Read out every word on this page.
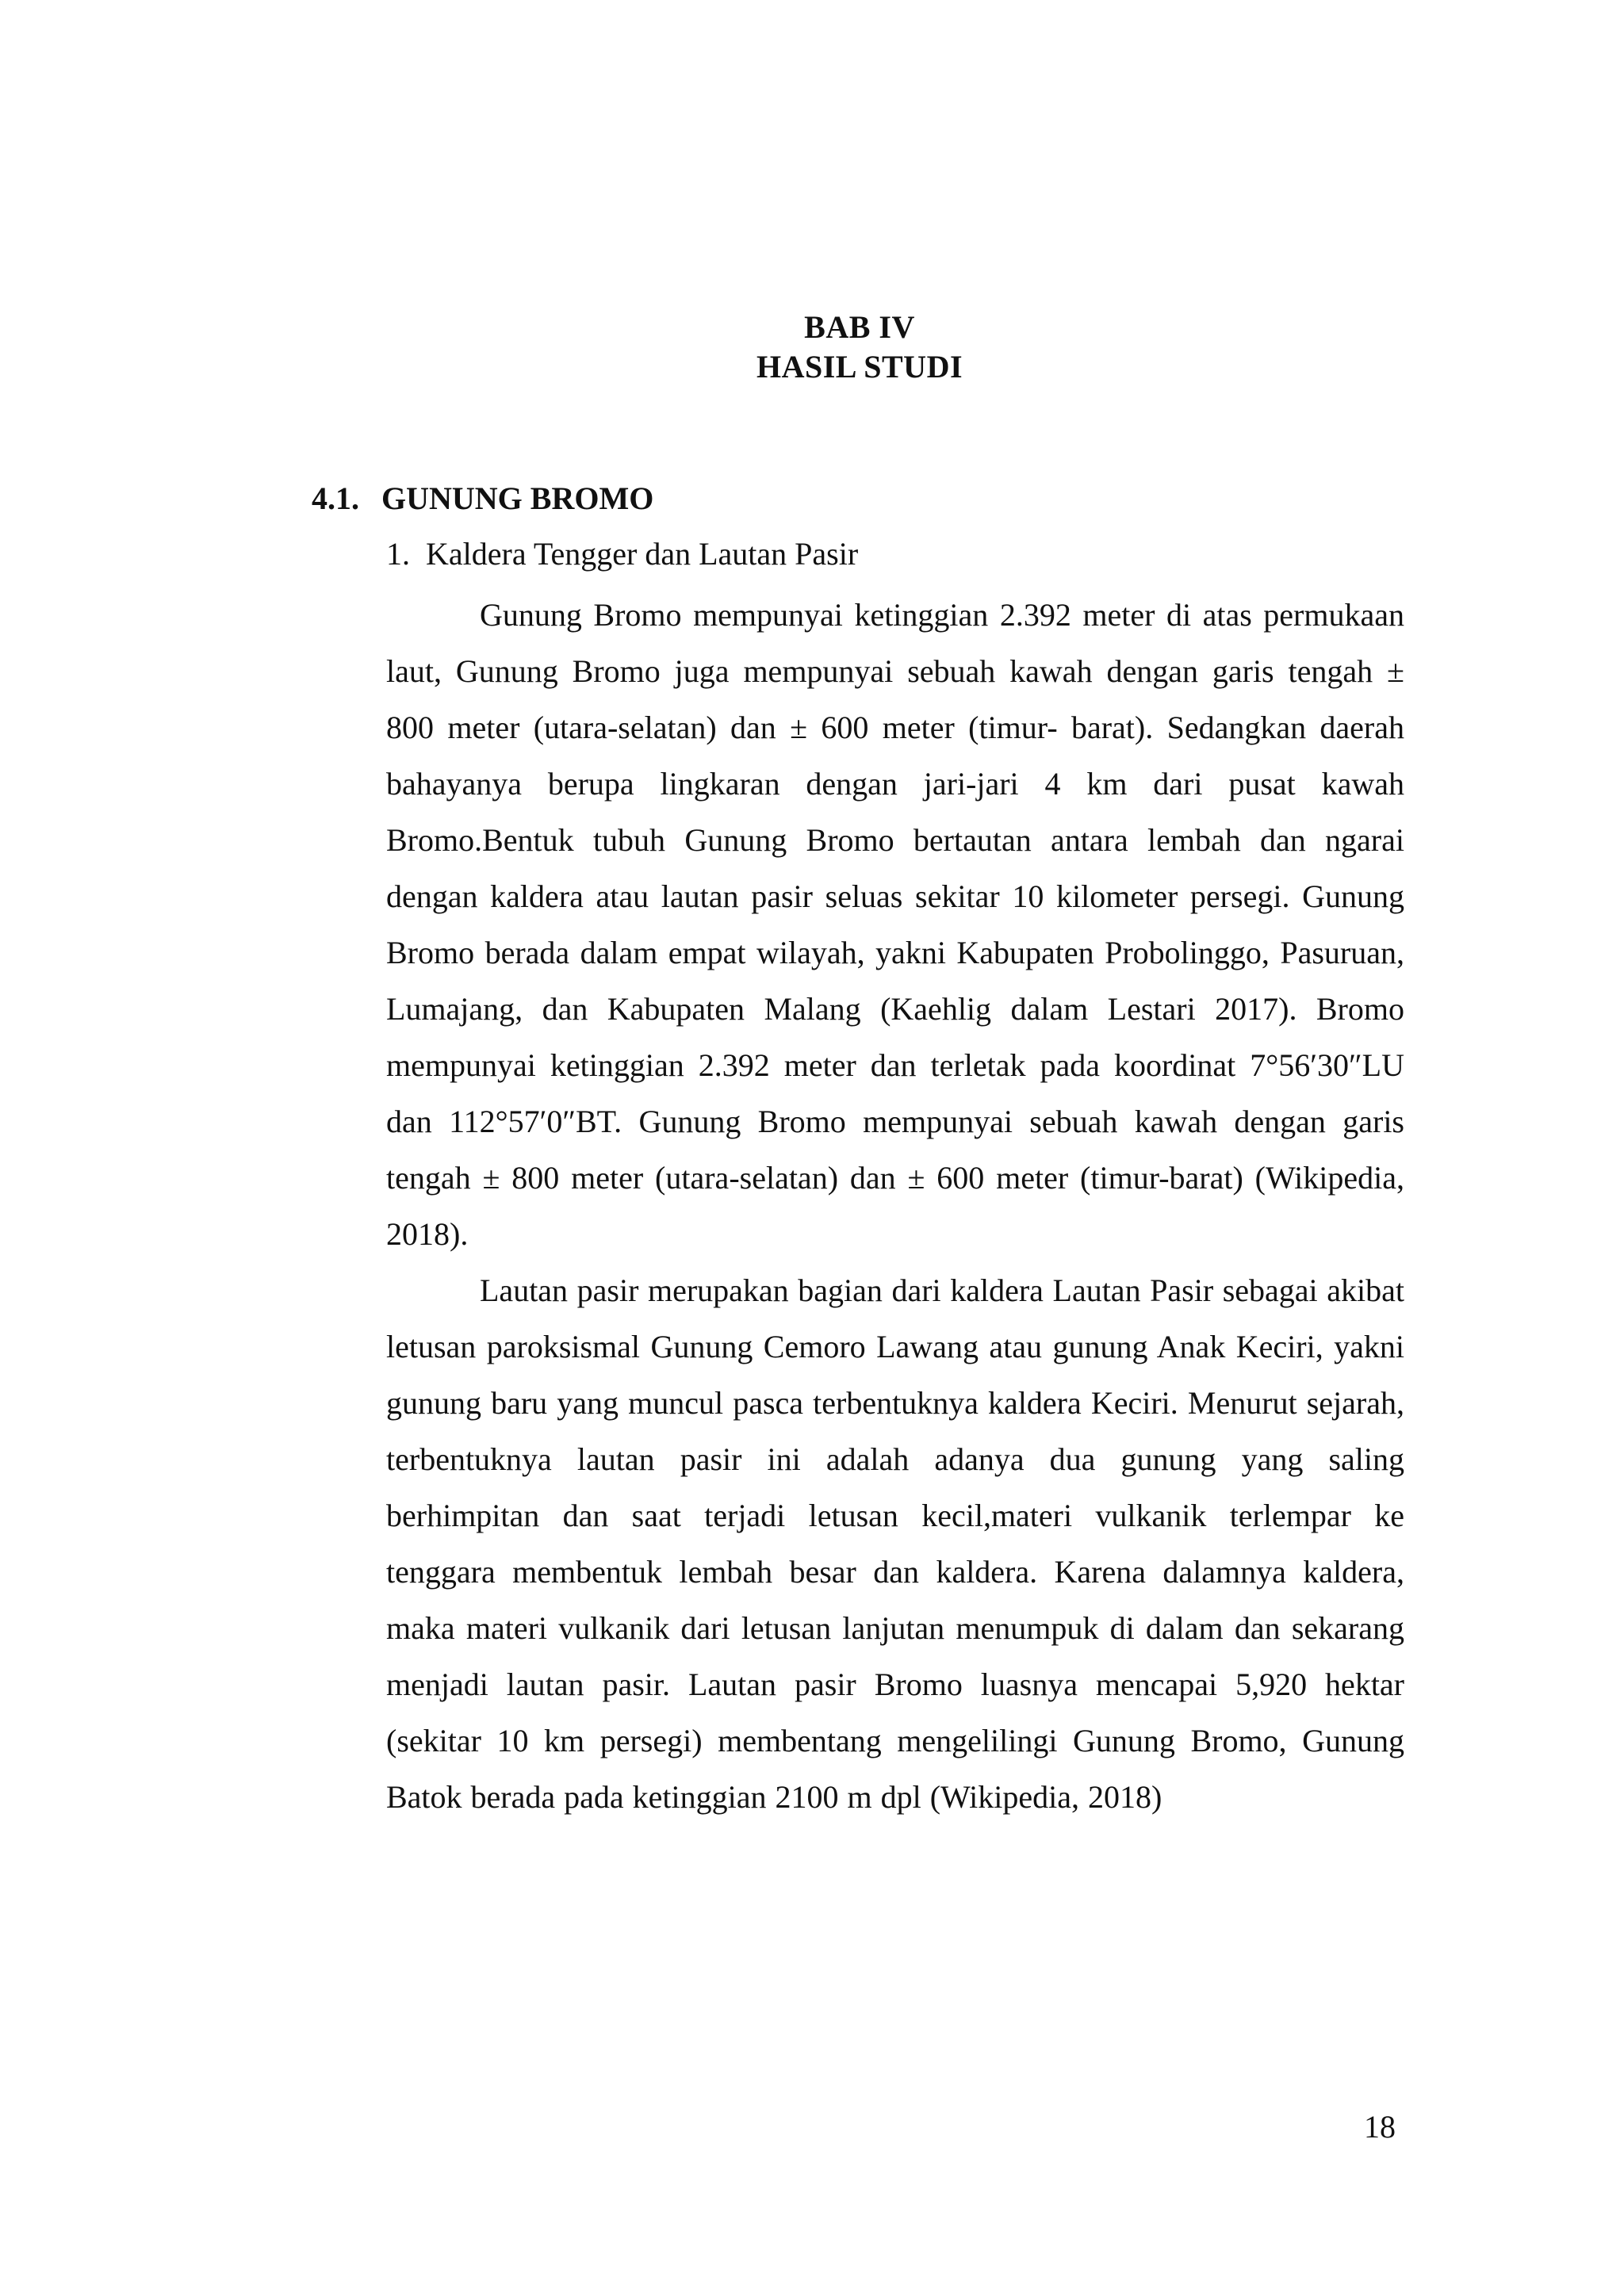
BAB IV
HASIL STUDI
4.1. GUNUNG BROMO
1. Kaldera Tengger dan Lautan Pasir

Gunung Bromo mempunyai ketinggian 2.392 meter di atas permukaan laut, Gunung Bromo juga mempunyai sebuah kawah dengan garis tengah ± 800 meter (utara-selatan) dan ± 600 meter (timur- barat). Sedangkan daerah bahayanya berupa lingkaran dengan jari-jari 4 km dari pusat kawah Bromo.Bentuk tubuh Gunung Bromo bertautan antara lembah dan ngarai dengan kaldera atau lautan pasir seluas sekitar 10 kilometer persegi. Gunung Bromo berada dalam empat wilayah, yakni Kabupaten Probolinggo, Pasuruan, Lumajang, dan Kabupaten Malang (Kaehlig dalam Lestari 2017). Bromo mempunyai ketinggian 2.392 meter dan terletak pada koordinat 7°56′30″LU dan 112°57′0″BT. Gunung Bromo mempunyai sebuah kawah dengan garis tengah ± 800 meter (utara-selatan) dan ± 600 meter (timur-barat) (Wikipedia, 2018).

Lautan pasir merupakan bagian dari kaldera Lautan Pasir sebagai akibat letusan paroksismal Gunung Cemoro Lawang atau gunung Anak Keciri, yakni gunung baru yang muncul pasca terbentuknya kaldera Keciri. Menurut sejarah, terbentuknya lautan pasir ini adalah adanya dua gunung yang saling berhimpitan dan saat terjadi letusan kecil,materi vulkanik terlempar ke tenggara membentuk lembah besar dan kaldera. Karena dalamnya kaldera, maka materi vulkanik dari letusan lanjutan menumpuk di dalam dan sekarang menjadi lautan pasir. Lautan pasir Bromo luasnya mencapai 5,920 hektar (sekitar 10 km persegi) membentang mengelilingi Gunung Bromo, Gunung Batok berada pada ketinggian 2100 m dpl (Wikipedia, 2018)

18
